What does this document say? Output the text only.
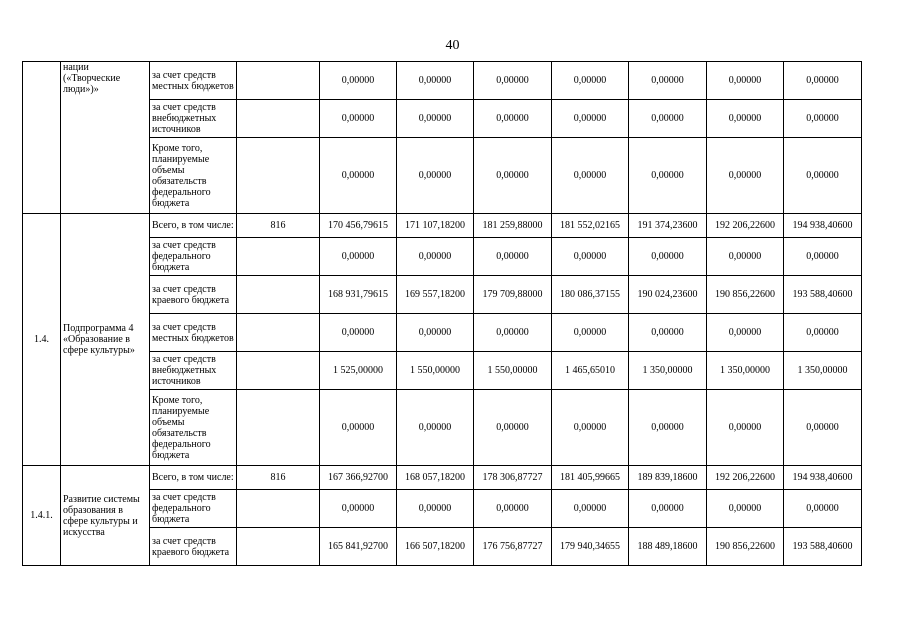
40
	нации («Творческие люди»)»	за счет средств местных бюджетов		0,00000	0,00000	0,00000	0,00000	0,00000	0,00000	0,00000
		за счет средств внебюджетных источников		0,00000	0,00000	0,00000	0,00000	0,00000	0,00000	0,00000
		Кроме того, планируемые объемы обязательств федерального бюджета		0,00000	0,00000	0,00000	0,00000	0,00000	0,00000	0,00000
1.4.	Подпрограмма 4 «Образование в сфере культуры»	Всего, в том числе:	816	170 456,79615	171 107,18200	181 259,88000	181 552,02165	191 374,23600	192 206,22600	194 938,40600
		за счет средств федерального бюджета		0,00000	0,00000	0,00000	0,00000	0,00000	0,00000	0,00000
		за счет средств краевого бюджета		168 931,79615	169 557,18200	179 709,88000	180 086,37155	190 024,23600	190 856,22600	193 588,40600
		за счет средств местных бюджетов		0,00000	0,00000	0,00000	0,00000	0,00000	0,00000	0,00000
		за счет средств внебюджетных источников		1 525,00000	1 550,00000	1 550,00000	1 465,65010	1 350,00000	1 350,00000	1 350,00000
		Кроме того, планируемые объемы обязательств федерального бюджета		0,00000	0,00000	0,00000	0,00000	0,00000	0,00000	0,00000
1.4.1.	Развитие системы образования в сфере культуры и искусства	Всего, в том числе:	816	167 366,92700	168 057,18200	178 306,87727	181 405,99665	189 839,18600	192 206,22600	194 938,40600
		за счет средств федерального бюджета		0,00000	0,00000	0,00000	0,00000	0,00000	0,00000	0,00000
		за счет средств краевого бюджета		165 841,92700	166 507,18200	176 756,87727	179 940,34655	188 489,18600	190 856,22600	193 588,40600
